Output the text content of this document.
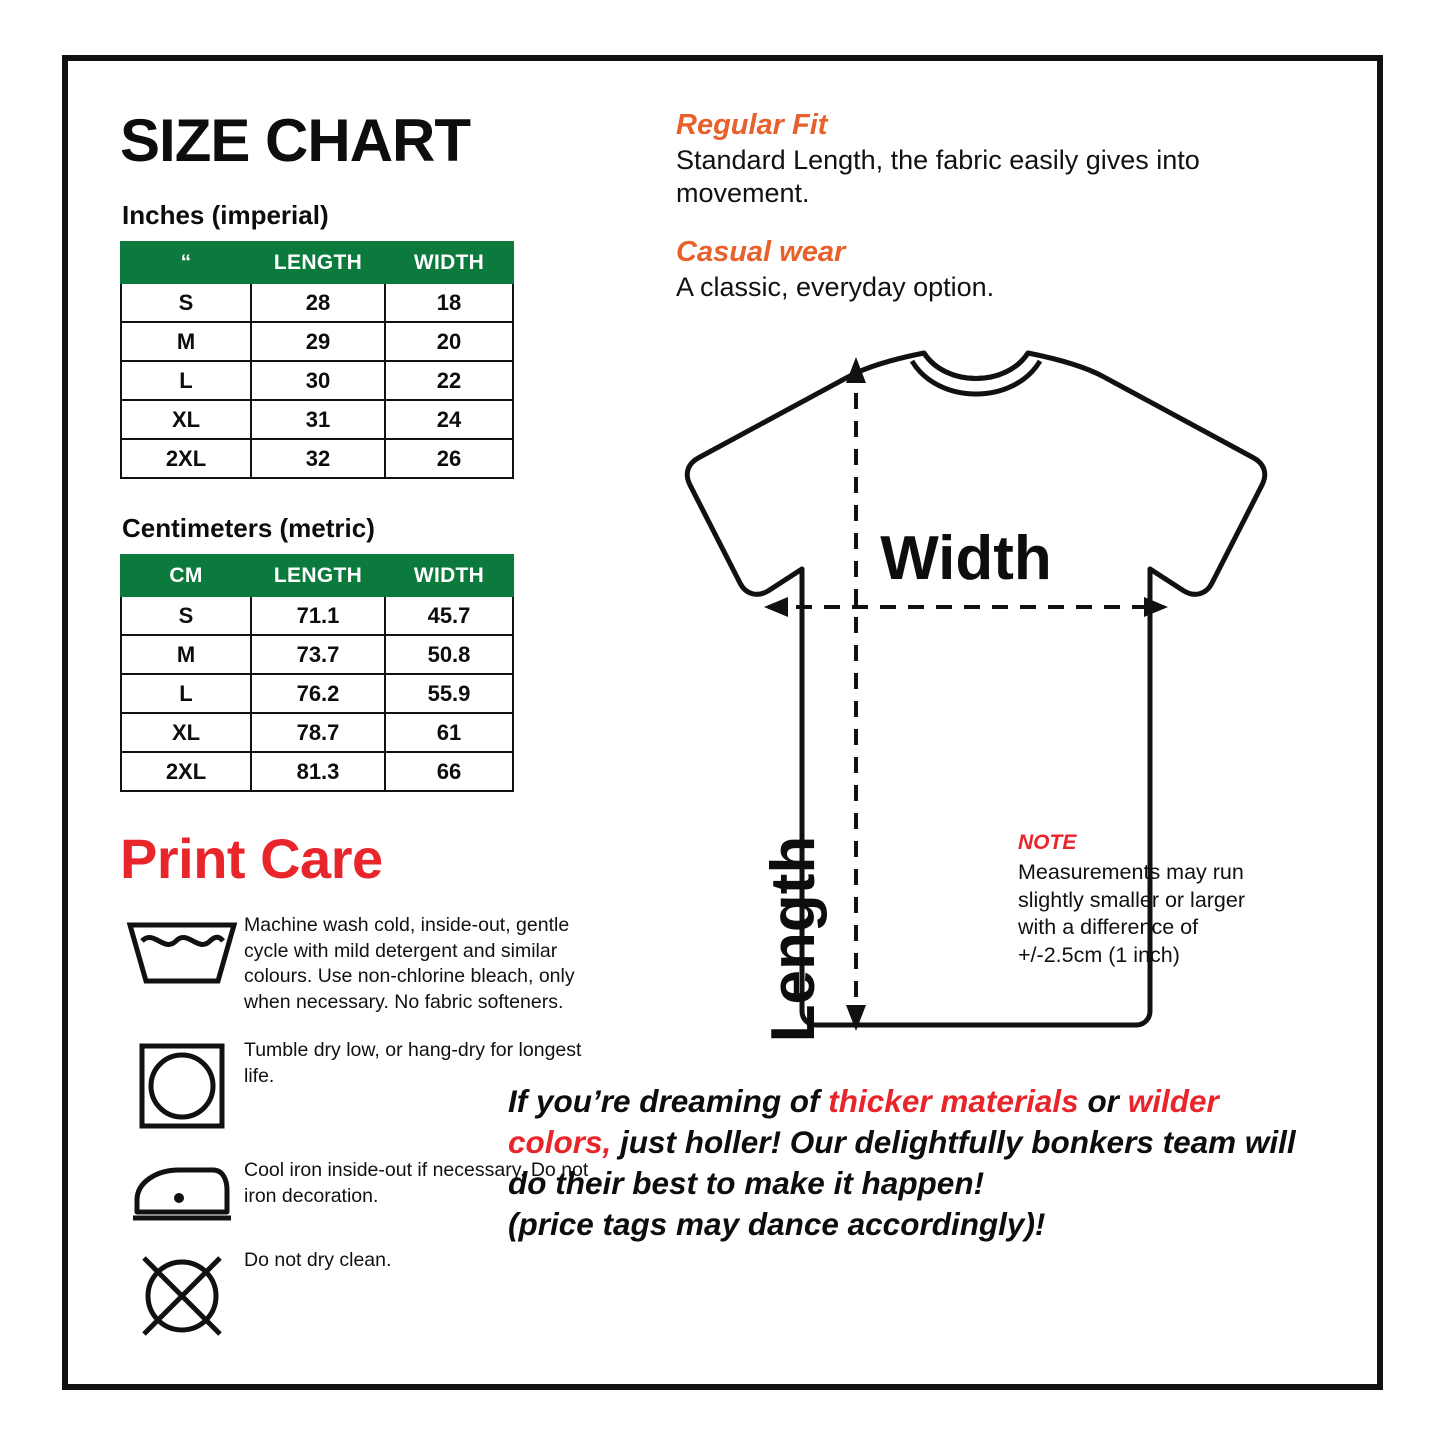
SIZE CHART
Inches (imperial)
“	LENGTH	WIDTH
S	28	18
M	29	20
L	30	22
XL	31	24
2XL	32	26
Centimeters (metric)
CM	LENGTH	WIDTH
S	71.1	45.7
M	73.7	50.8
L	76.2	55.9
XL	78.7	61
2XL	81.3	66
Print Care
Machine wash cold, inside-out, gentle cycle with mild detergent and similar colours. Use non-chlorine bleach, only when necessary. No fabric softeners.
Tumble dry low, or hang-dry for longest life.
Cool iron inside-out if necessary. Do not iron decoration.
Do not dry clean.
Regular Fit
Standard Length, the fabric easily gives into movement.
Casual wear
A classic, everyday option.
Width
Length	NOTE
Measurements may run slightly smaller or larger with a difference of +/-2.5cm (1 inch)
If you’re dreaming of thicker materials or wilder colors, just holler! Our delightfully bonkers team will do their best to make it happen!
(price tags may dance accordingly)!
